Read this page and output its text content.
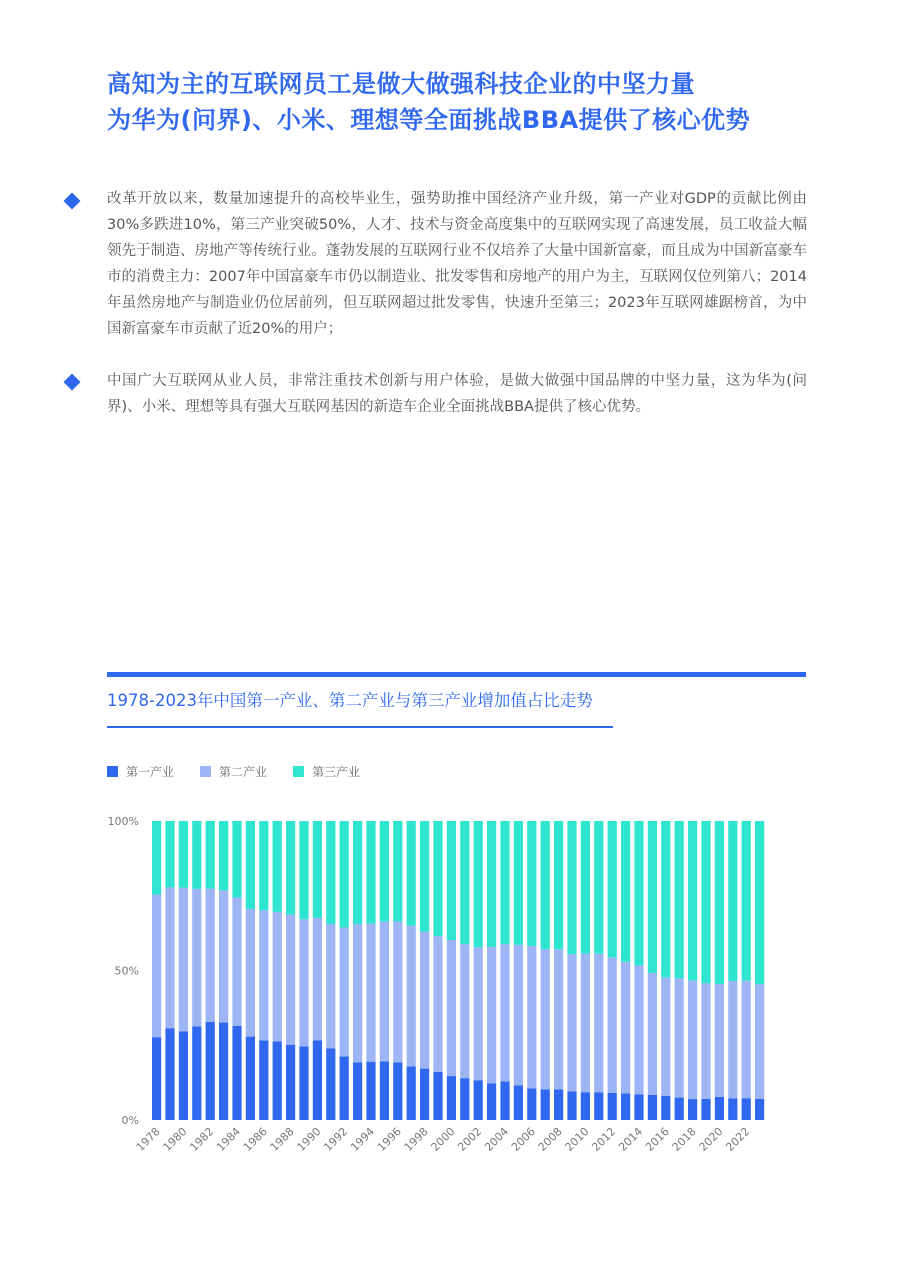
高知为主的互联网员工是做大做强科技企业的中坚力量
为华为(问界)、小米、理想等全面挑战BBA提供了核心优势
改革开放以来，数量加速提升的高校毕业生，强势助推中国经济产业升级，第一产业对GDP的贡献比例由30%多跌进10%，第三产业突破50%，人才、技术与资金高度集中的互联网实现了高速发展，员工收益大幅领先于制造、房地产等传统行业。蓬勃发展的互联网行业不仅培养了大量中国新富豪，而且成为中国新富豪车市的消费主力：2007年中国富豪车市仍以制造业、批发零售和房地产的用户为主，互联网仅位列第八；2014年虽然房地产与制造业仍位居前列，但互联网超过批发零售，快速升至第三；2023年互联网雄踞榜首，为中国新富豪车市贡献了近20%的用户；
中国广大互联网从业人员，非常注重技术创新与用户体验，是做大做强中国品牌的中坚力量，这为华为(问界)、小米、理想等具有强大互联网基因的新造车企业全面挑战BBA提供了核心优势。
1978-2023年中国第一产业、第二产业与第三产业增加值占比走势
第一产业	第二产业	第三产业
0%
50%
100%
1978
1980
1982
1984
1986
1988
1990
1992
1994
1996
1998
2000
2002
2004
2006
2008
2010
2012
2014
2016
2018
2020
2022
